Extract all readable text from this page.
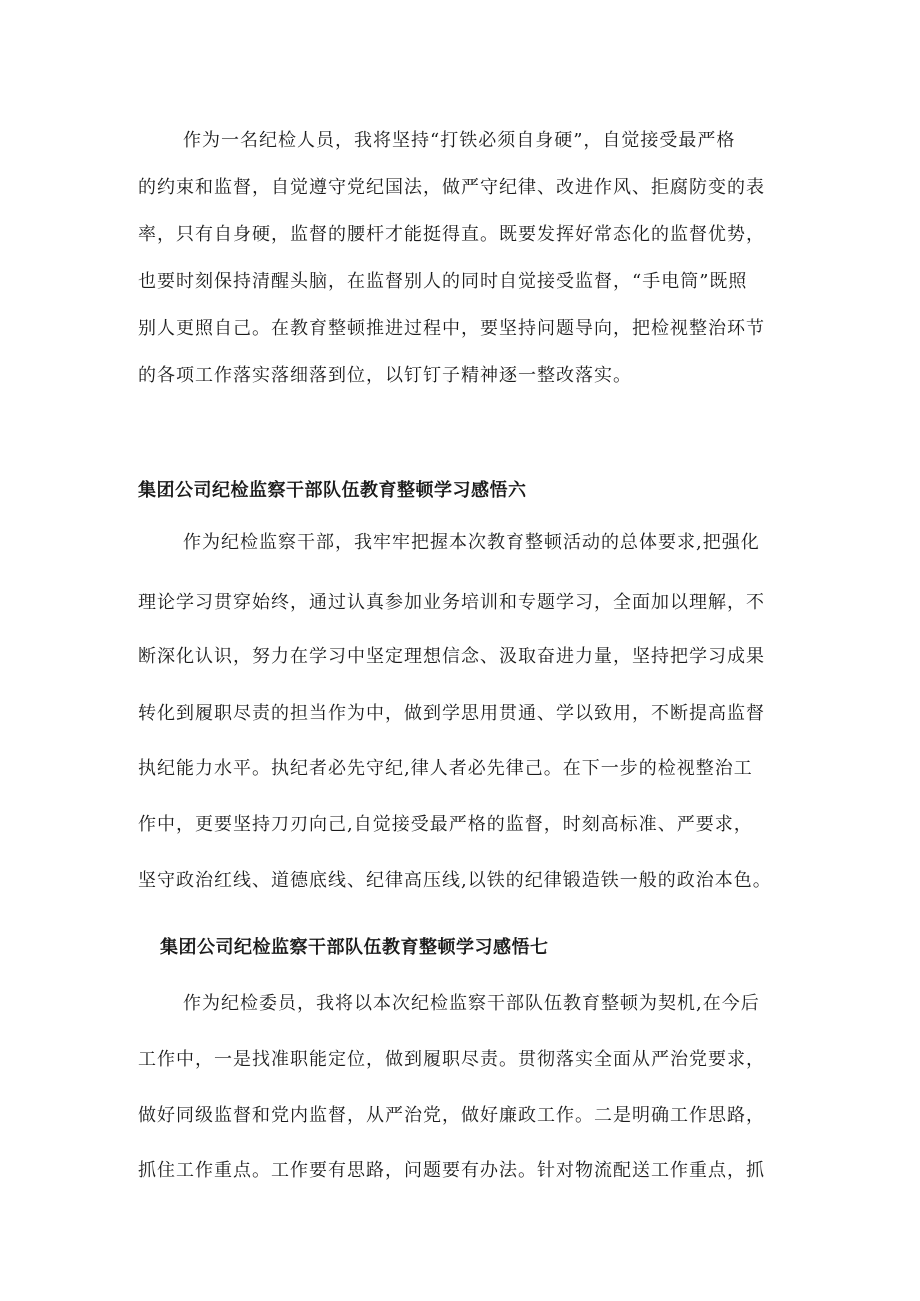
作为一名纪检人员，我将坚持“打铁必须自身硬”，自觉接受最严格
的约束和监督，自觉遵守党纪国法，做严守纪律、改进作风、拒腐防变的表
率，只有自身硬，监督的腰杆才能挺得直。既要发挥好常态化的监督优势，
也要时刻保持清醒头脑，在监督别人的同时自觉接受监督，“手电筒”既照
别人更照自己。在教育整顿推进过程中，要坚持问题导向，把检视整治环节
的各项工作落实落细落到位，以钉钉子精神逐一整改落实。
集团公司纪检监察干部队伍教育整顿学习感悟六
作为纪检监察干部，我牢牢把握本次教育整顿活动的总体要求,把强化
理论学习贯穿始终，通过认真参加业务培训和专题学习，全面加以理解，不
断深化认识，努力在学习中坚定理想信念、汲取奋进力量，坚持把学习成果
转化到履职尽责的担当作为中，做到学思用贯通、学以致用，不断提高监督
执纪能力水平。执纪者必先守纪,律人者必先律己。在下一步的检视整治工
作中，更要坚持刀刃向己,自觉接受最严格的监督，时刻高标准、严要求，
坚守政治红线、道德底线、纪律高压线,以铁的纪律锻造铁一般的政治本色。
集团公司纪检监察干部队伍教育整顿学习感悟七
作为纪检委员，我将以本次纪检监察干部队伍教育整顿为契机,在今后
工作中，一是找准职能定位，做到履职尽责。贯彻落实全面从严治党要求，
做好同级监督和党内监督，从严治党，做好廉政工作。二是明确工作思路，
抓住工作重点。工作要有思路，问题要有办法。针对物流配送工作重点，抓
